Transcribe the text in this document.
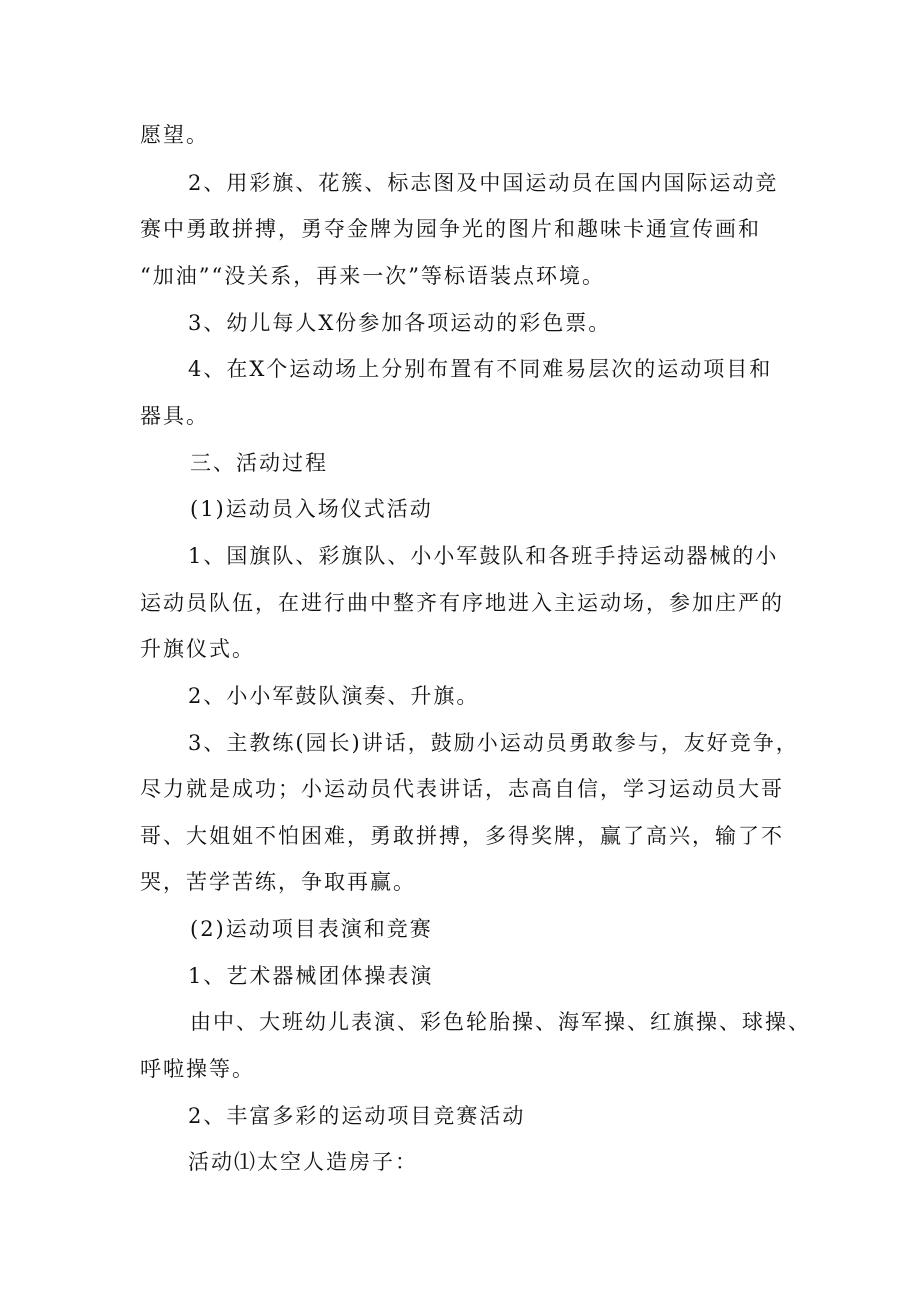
愿望。

2、用彩旗、花簇、标志图及中国运动员在国内国际运动竞

赛中勇敢拼搏，勇夺金牌为园争光的图片和趣味卡通宣传画和

“加油”“没关系，再来一次”等标语装点环境。

3、幼儿每人X份参加各项运动的彩色票。

4、在X个运动场上分别布置有不同难易层次的运动项目和

器具。

三、活动过程

(1)运动员入场仪式活动

1、国旗队、彩旗队、小小军鼓队和各班手持运动器械的小

运动员队伍，在进行曲中整齐有序地进入主运动场，参加庄严的

升旗仪式。

2、小小军鼓队演奏、升旗。

3、主教练(园长)讲话，鼓励小运动员勇敢参与，友好竞争，

尽力就是成功；小运动员代表讲话，志高自信，学习运动员大哥

哥、大姐姐不怕困难，勇敢拼搏，多得奖牌，赢了高兴，输了不

哭，苦学苦练，争取再赢。

(2)运动项目表演和竞赛

1、艺术器械团体操表演

由中、大班幼儿表演、彩色轮胎操、海军操、红旗操、球操、

呼啦操等。

2、丰富多彩的运动项目竞赛活动

活动⑴太空人造房子：
